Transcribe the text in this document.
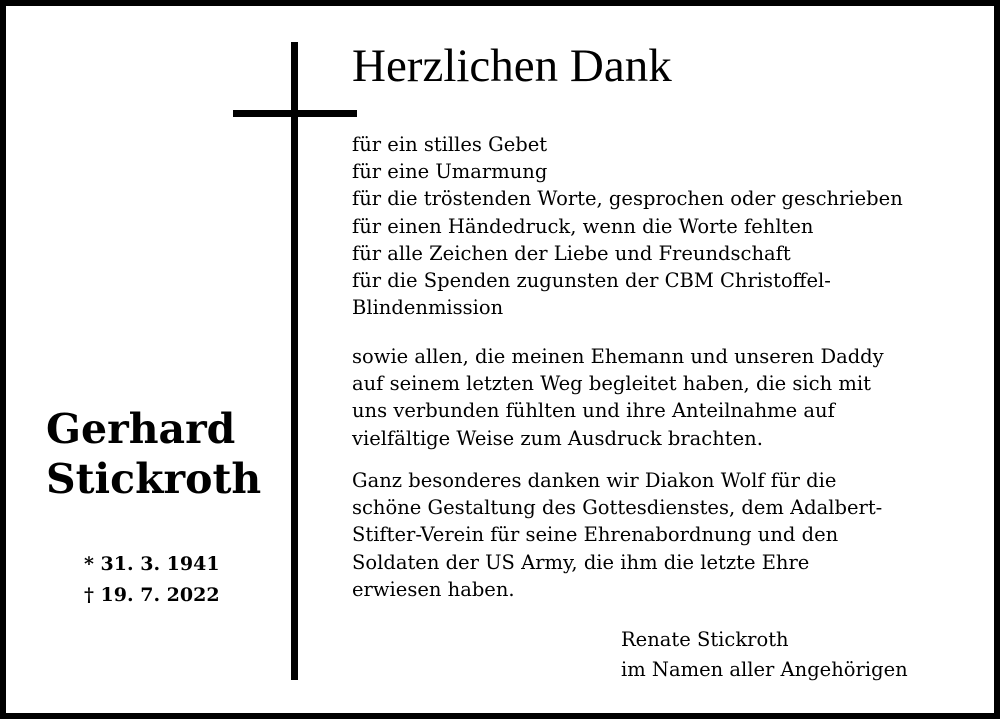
Herzlichen Dank
Gerhard
Stickroth
* 31. 3. 1941
† 19. 7. 2022
für ein stilles Gebet
für eine Umarmung
für die tröstenden Worte, gesprochen oder geschrieben
für einen Händedruck, wenn die Worte fehlten
für alle Zeichen der Liebe und Freundschaft
für die Spenden zugunsten der CBM Christoffel-
Blindenmission
sowie allen, die meinen Ehemann und unseren Daddy
auf seinem letzten Weg begleitet haben, die sich mit
uns verbunden fühlten und ihre Anteilnahme auf
vielfältige Weise zum Ausdruck brachten.
Ganz besonderes danken wir Diakon Wolf für die
schöne Gestaltung des Gottesdienstes, dem Adalbert-
Stifter-Verein für seine Ehrenabordnung und den
Soldaten der US Army, die ihm die letzte Ehre
erwiesen haben.
Renate Stickroth
im Namen aller Angehörigen
